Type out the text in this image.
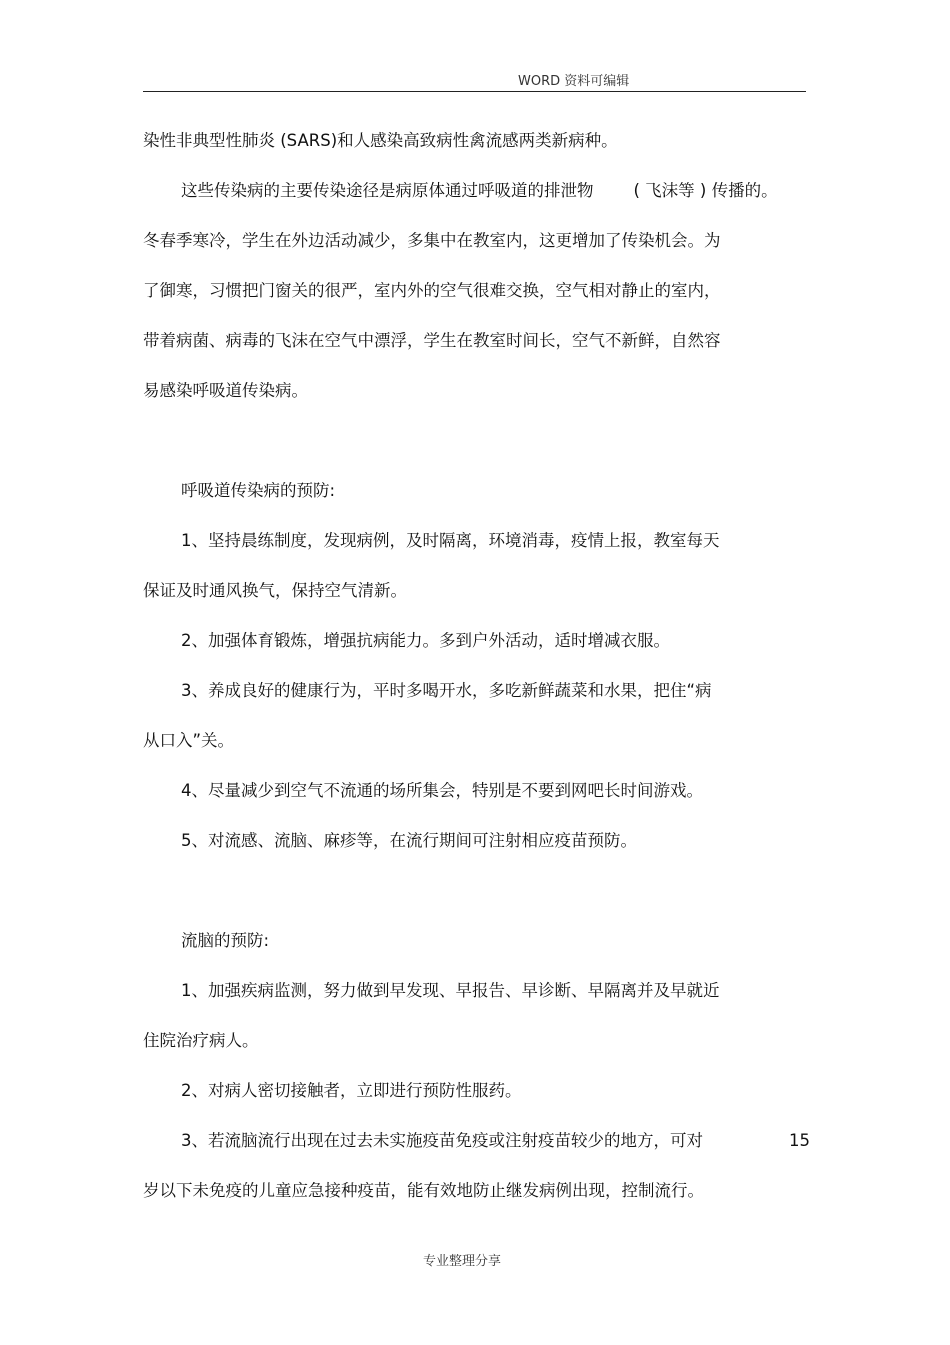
WORD 资料可编辑
染性非典型性肺炎 (SARS)和人感染高致病性禽流感两类新病种。
这些传染病的主要传染途径是病原体通过呼吸道的排泄物 ( 飞沫等 ) 传播的。
冬春季寒冷，学生在外边活动减少，多集中在教室内，这更增加了传染机会。为
了御寒，习惯把门窗关的很严，室内外的空气很难交换，空气相对静止的室内，
带着病菌、病毒的飞沫在空气中漂浮，学生在教室时间长，空气不新鲜，自然容
易感染呼吸道传染病。
呼吸道传染病的预防:
1、坚持晨练制度，发现病例，及时隔离，环境消毒，疫情上报，教室每天
保证及时通风换气，保持空气清新。
2、加强体育锻炼，增强抗病能力。多到户外活动，适时增减衣服。
3、养成良好的健康行为，平时多喝开水，多吃新鲜蔬菜和水果，把住“病
从口入”关。
4、尽量减少到空气不流通的场所集会，特别是不要到网吧长时间游戏。
5、对流感、流脑、麻疹等，在流行期间可注射相应疫苗预防。
流脑的预防:
1、加强疾病监测，努力做到早发现、早报告、早诊断、早隔离并及早就近
住院治疗病人。
2、对病人密切接触者，立即进行预防性服药。
3、若流脑流行出现在过去未实施疫苗免疫或注射疫苗较少的地方，可对	15
岁以下未免疫的儿童应急接种疫苗，能有效地防止继发病例出现，控制流行。
专业整理分享
